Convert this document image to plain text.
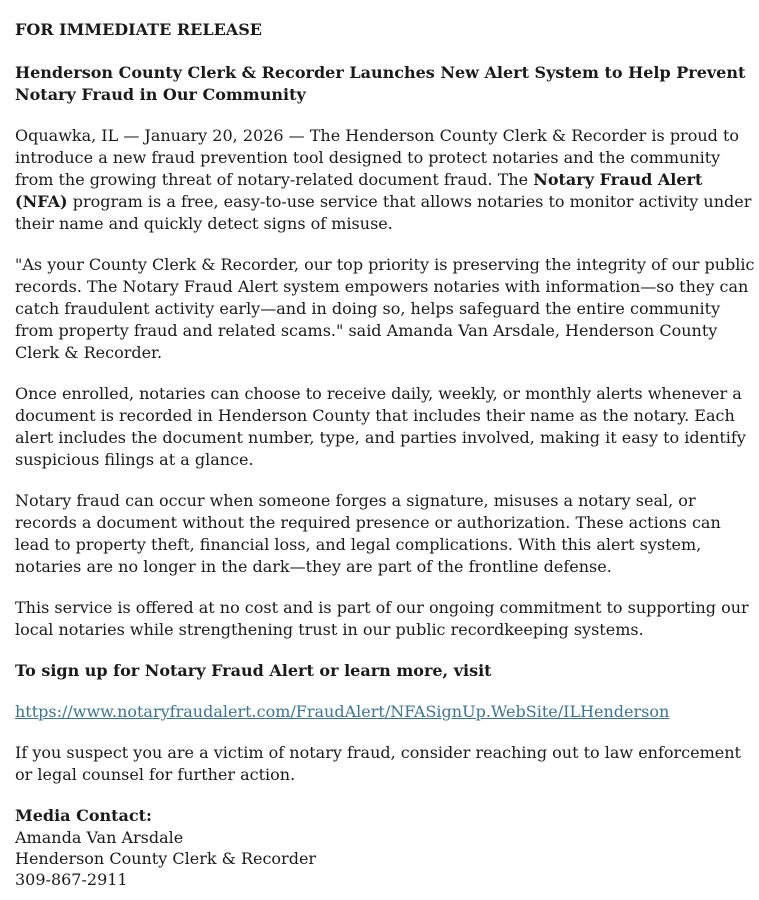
FOR IMMEDIATE RELEASE
Henderson County Clerk & Recorder Launches New Alert System to Help Prevent Notary Fraud in Our Community

Oquawka, IL — January 20, 2026 — The Henderson County Clerk & Recorder is proud to introduce a new fraud prevention tool designed to protect notaries and the community from the growing threat of notary-related document fraud. The Notary Fraud Alert (NFA) program is a free, easy-to-use service that allows notaries to monitor activity under their name and quickly detect signs of misuse.

"As your County Clerk & Recorder, our top priority is preserving the integrity of our public records. The Notary Fraud Alert system empowers notaries with information—so they can catch fraudulent activity early—and in doing so, helps safeguard the entire community from property fraud and related scams." said Amanda Van Arsdale, Henderson County Clerk & Recorder.

Once enrolled, notaries can choose to receive daily, weekly, or monthly alerts whenever a document is recorded in Henderson County that includes their name as the notary. Each alert includes the document number, type, and parties involved, making it easy to identify suspicious filings at a glance.

Notary fraud can occur when someone forges a signature, misuses a notary seal, or records a document without the required presence or authorization. These actions can lead to property theft, financial loss, and legal complications. With this alert system, notaries are no longer in the dark—they are part of the frontline defense.

This service is offered at no cost and is part of our ongoing commitment to supporting our local notaries while strengthening trust in our public recordkeeping systems.

To sign up for Notary Fraud Alert or learn more, visit
https://www.notaryfraudalert.com/FraudAlert/NFASignUp.WebSite/ILHenderson

If you suspect you are a victim of notary fraud, consider reaching out to law enforcement or legal counsel for further action.

Media Contact:
Amanda Van Arsdale
Henderson County Clerk & Recorder
309-867-2911
